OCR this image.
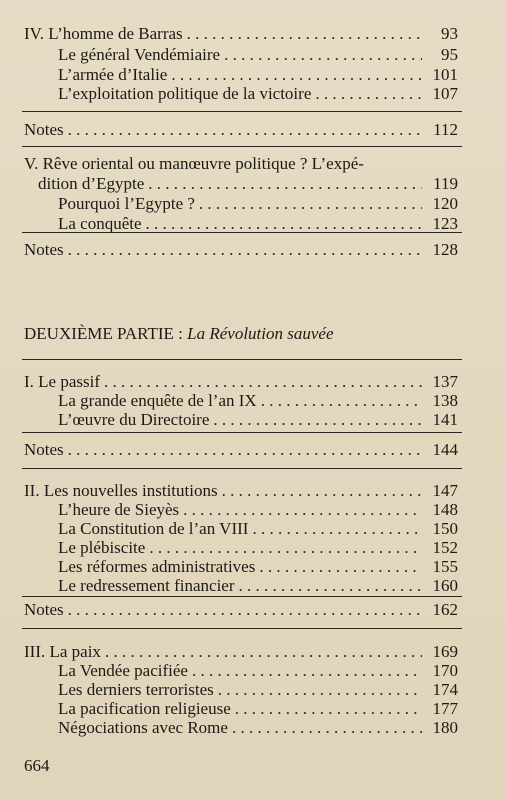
IV. L’homme de Barras . . .	93
Le général Vendémiaire . . .	95
L’armée d’Italie . . .	101
L’exploitation politique de la victoire . . .	107
Notes . . .	112
V. Rêve oriental ou manœuvre politique ? L’expé-
dition d’Egypte . . .	119
Pourquoi l’Egypte ? . . .	120
La conquête . . .	123
Notes . . .	128
DEUXIÈME PARTIE : La Révolution sauvée
I. Le passif . . .	137
La grande enquête de l’an IX . . .	138
L’œuvre du Directoire . . .	141
Notes . . .	144
II. Les nouvelles institutions . . .	147
L’heure de Sieyès . . .	148
La Constitution de l’an VIII . . .	150
Le plébiscite . . .	152
Les réformes administratives . . .	155
Le redressement financier . . .	160
Notes . . .	162
III. La paix . . .	169
La Vendée pacifiée . . .	170
Les derniers terroristes . . .	174
La pacification religieuse . . .	177
Négociations avec Rome . . .	180
664
